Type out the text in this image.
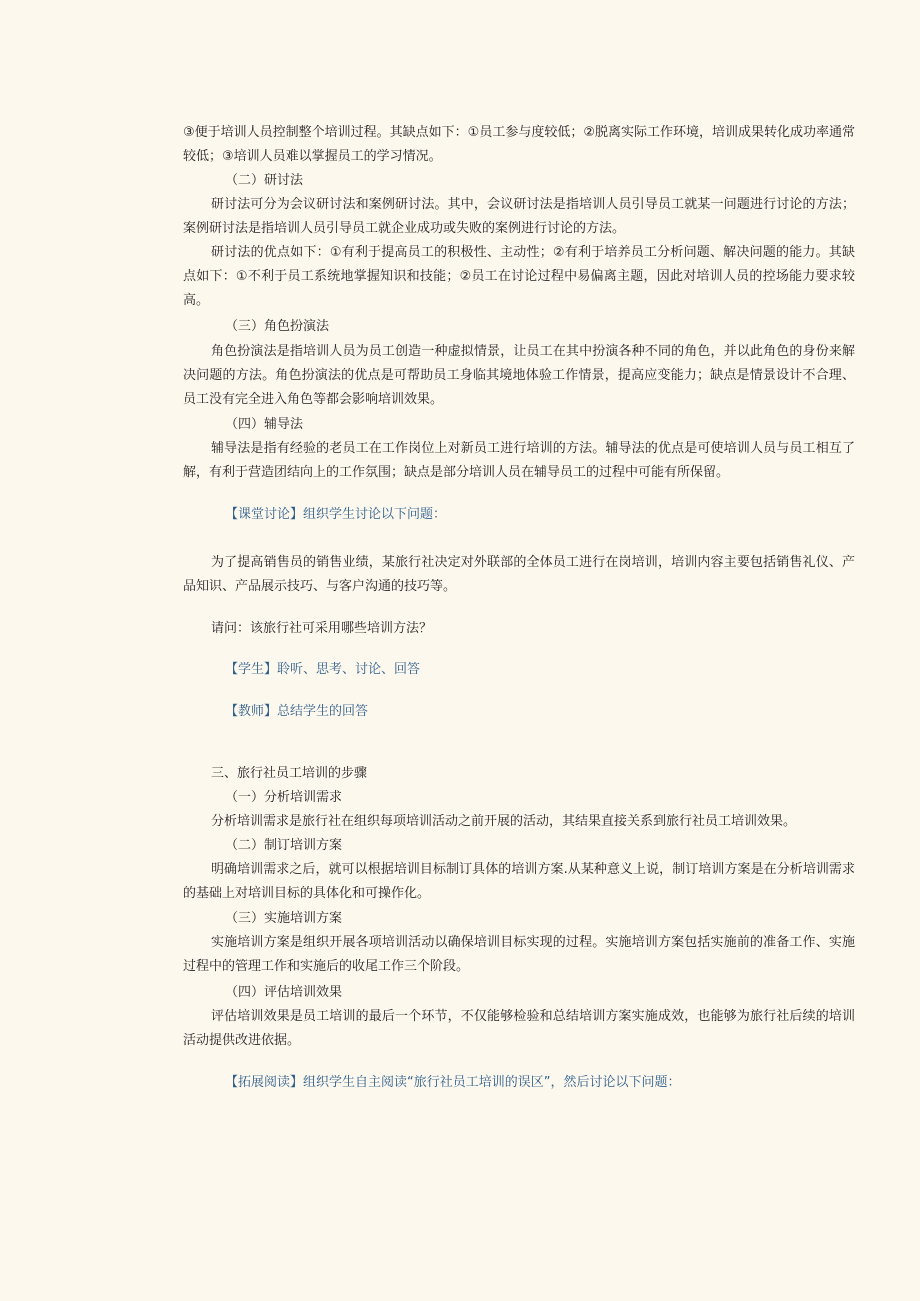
③便于培训人员控制整个培训过程。其缺点如下：①员工参与度较低；②脱离实际工作环境，培训成果转化成功率通常较低；③培训人员难以掌握员工的学习情况。

（二）研讨法

研讨法可分为会议研讨法和案例研讨法。其中，会议研讨法是指培训人员引导员工就某一问题进行讨论的方法；案例研讨法是指培训人员引导员工就企业成功或失败的案例进行讨论的方法。

研讨法的优点如下：①有利于提高员工的积极性、主动性；②有利于培养员工分析问题、解决问题的能力。其缺点如下：①不利于员工系统地掌握知识和技能；②员工在讨论过程中易偏离主题，因此对培训人员的控场能力要求较高。

（三）角色扮演法

角色扮演法是指培训人员为员工创造一种虚拟情景，让员工在其中扮演各种不同的角色，并以此角色的身份来解决问题的方法。角色扮演法的优点是可帮助员工身临其境地体验工作情景，提高应变能力；缺点是情景设计不合理、员工没有完全进入角色等都会影响培训效果。

（四）辅导法

辅导法是指有经验的老员工在工作岗位上对新员工进行培训的方法。辅导法的优点是可使培训人员与员工相互了解，有利于营造团结向上的工作氛围；缺点是部分培训人员在辅导员工的过程中可能有所保留。

【课堂讨论】组织学生讨论以下问题：

为了提高销售员的销售业绩，某旅行社决定对外联部的全体员工进行在岗培训，培训内容主要包括销售礼仪、产品知识、产品展示技巧、与客户沟通的技巧等。

请问：该旅行社可采用哪些培训方法？

【学生】聆听、思考、讨论、回答

【教师】总结学生的回答

三、旅行社员工培训的步骤

（一）分析培训需求

分析培训需求是旅行社在组织每项培训活动之前开展的活动，其结果直接关系到旅行社员工培训效果。

（二）制订培训方案

明确培训需求之后，就可以根据培训目标制订具体的培训方案.从某种意义上说，制订培训方案是在分析培训需求的基础上对培训目标的具体化和可操作化。

（三）实施培训方案

实施培训方案是组织开展各项培训活动以确保培训目标实现的过程。实施培训方案包括实施前的准备工作、实施过程中的管理工作和实施后的收尾工作三个阶段。

（四）评估培训效果

评估培训效果是员工培训的最后一个环节，不仅能够检验和总结培训方案实施成效，也能够为旅行社后续的培训活动提供改进依据。

【拓展阅读】组织学生自主阅读“旅行社员工培训的误区”，然后讨论以下问题：
